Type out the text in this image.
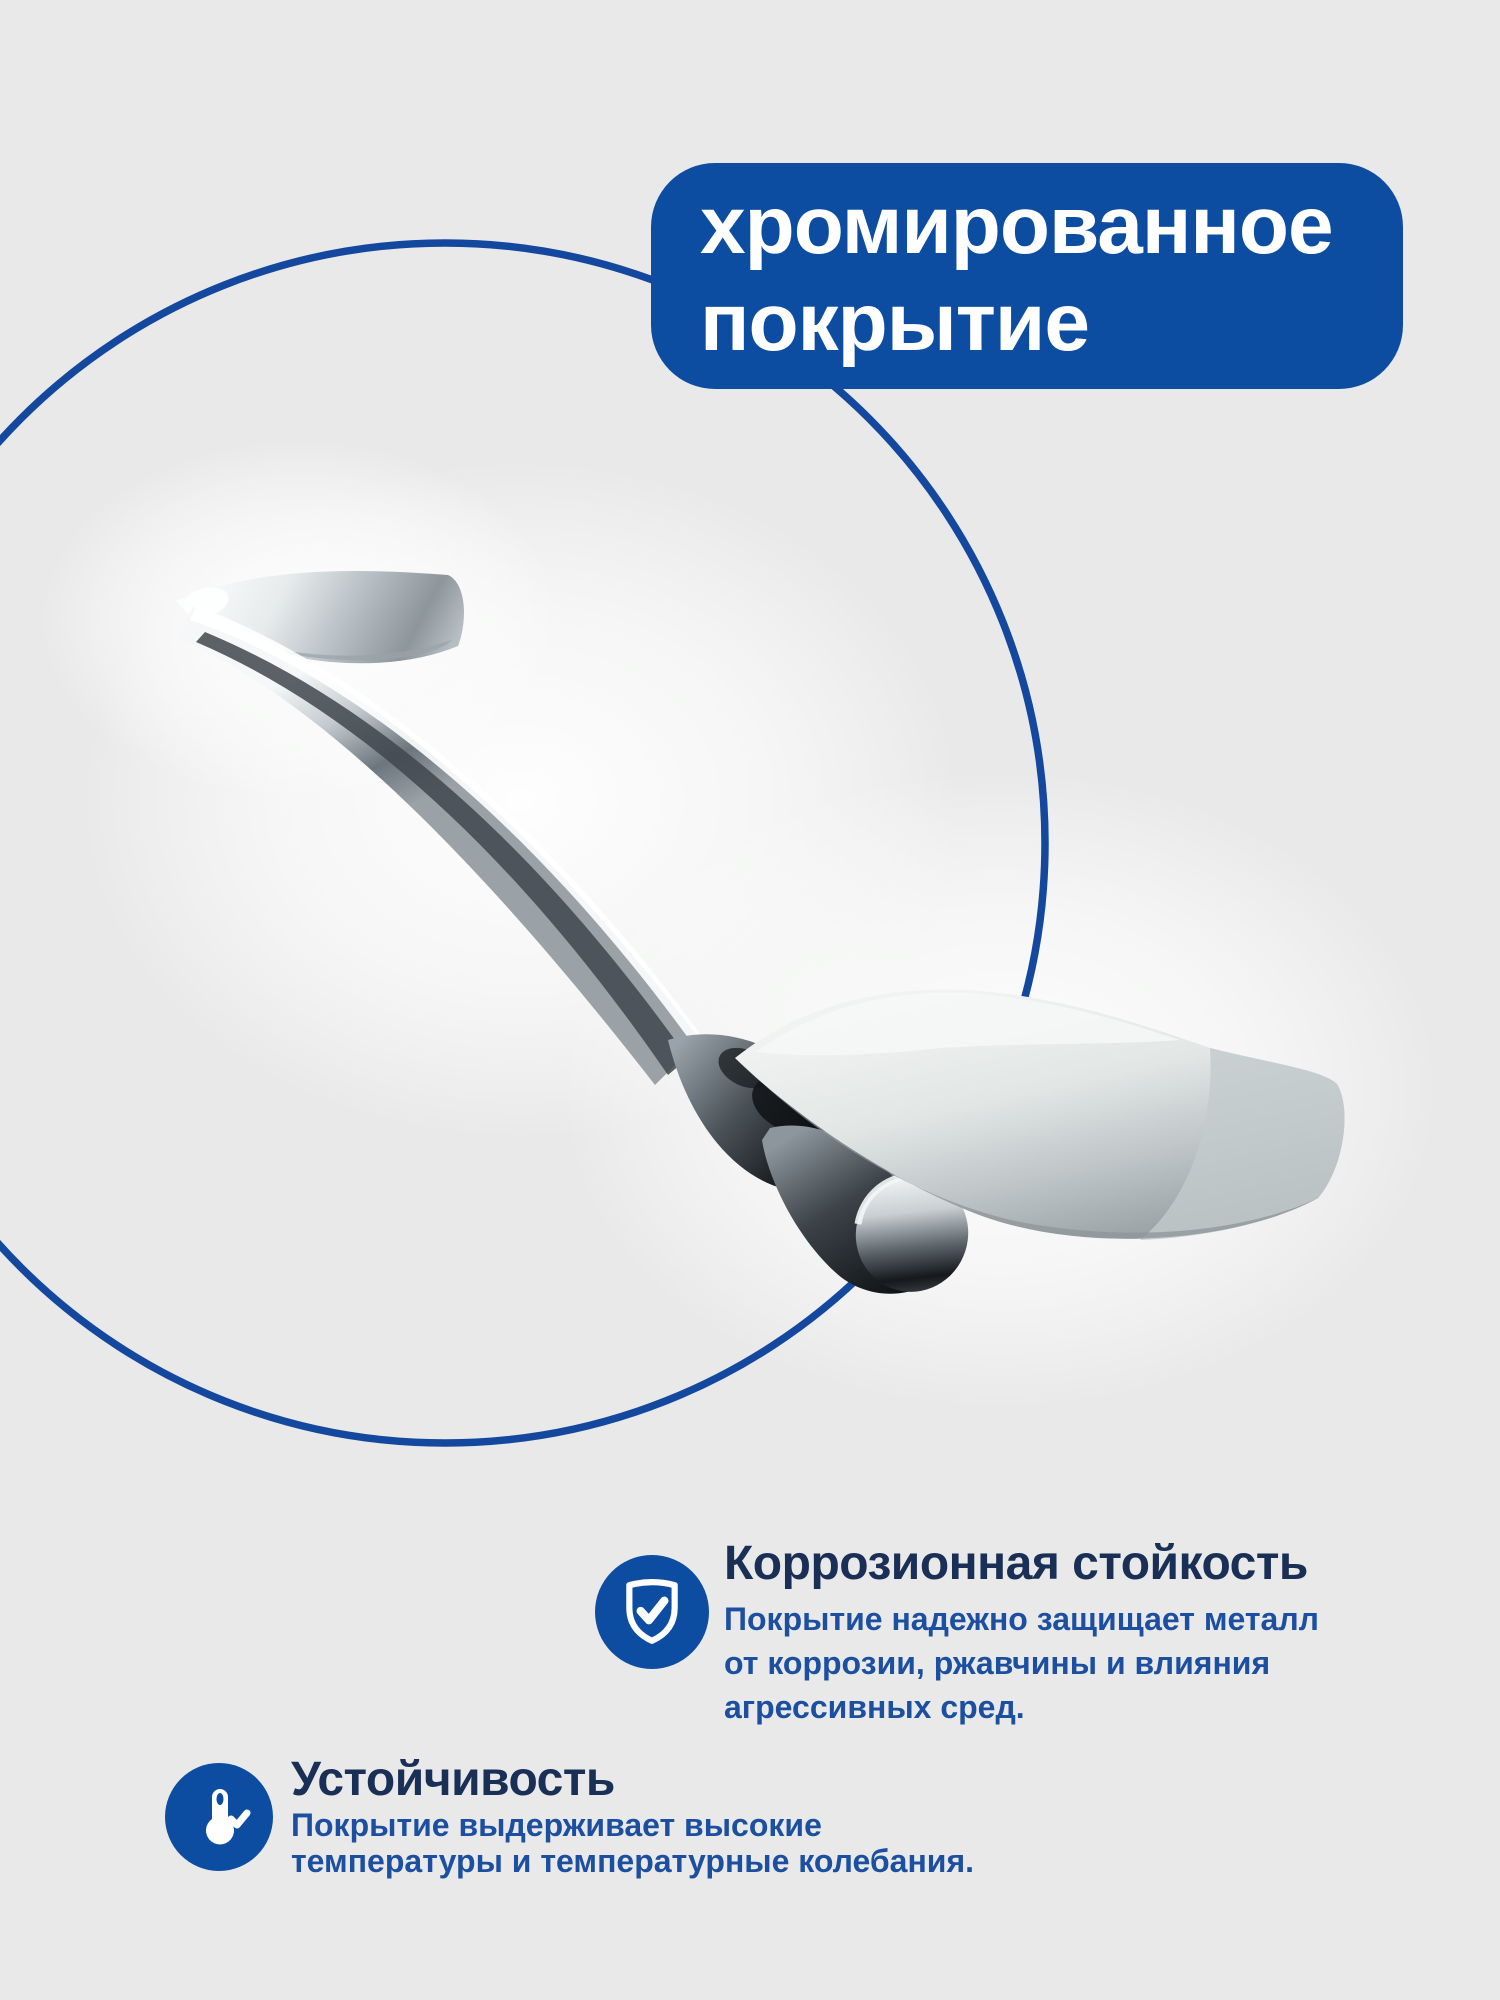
хромированное
покрытие
Коррозионная стойкость
Покрытие надежно защищает металл
от коррозии, ржавчины и влияния
агрессивных сред.
Устойчивость
Покрытие выдерживает высокие
температуры и температурные колебания.
